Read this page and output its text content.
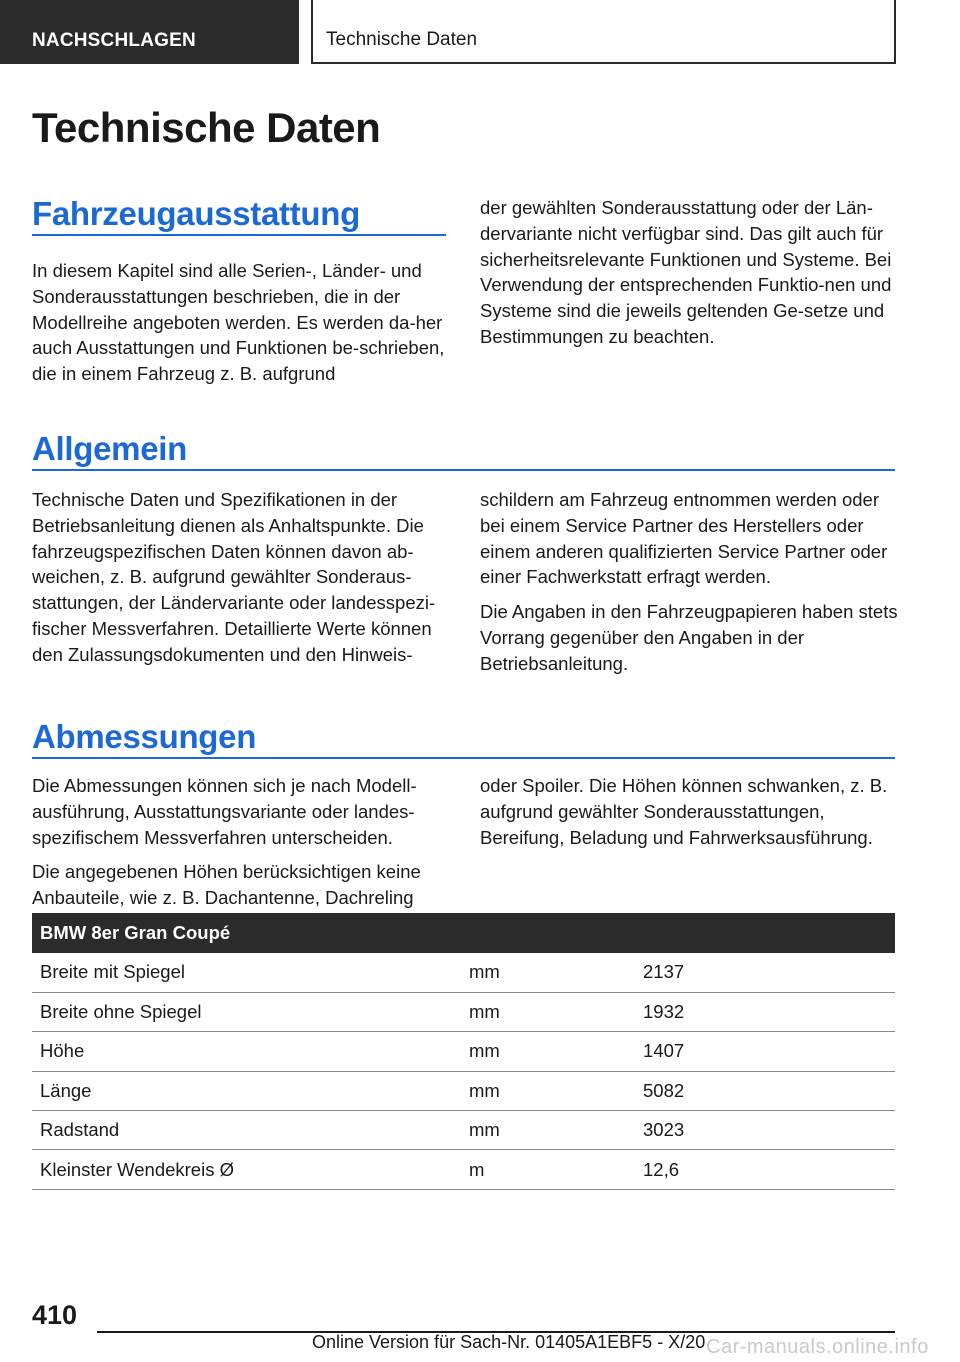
NACHSCHLAGEN	Technische Daten
Technische Daten
Fahrzeugausstattung

In diesem Kapitel sind alle Serien-, Länder- und Sonderausstattungen beschrieben, die in der Modellreihe angeboten werden. Es werden da-her auch Ausstattungen und Funktionen be-schrieben, die in einem Fahrzeug z. B. aufgrund

der gewählten Sonderausstattung oder der Län-dervariante nicht verfügbar sind. Das gilt auch für sicherheitsrelevante Funktionen und Systeme. Bei Verwendung der entsprechenden Funktio-nen und Systeme sind die jeweils geltenden Ge-setze und Bestimmungen zu beachten.

Allgemein

Technische Daten und Spezifikationen in der Betriebsanleitung dienen als Anhaltspunkte. Die fahrzeugspezifischen Daten können davon ab-weichen, z. B. aufgrund gewählter Sonderaus-stattungen, der Ländervariante oder landesspezi-fischer Messverfahren. Detaillierte Werte können den Zulassungsdokumenten und den Hinweis-

schildern am Fahrzeug entnommen werden oder bei einem Service Partner des Herstellers oder einem anderen qualifizierten Service Partner oder einer Fachwerkstatt erfragt werden.

Die Angaben in den Fahrzeugpapieren haben stets Vorrang gegenüber den Angaben in der Betriebsanleitung.

Abmessungen

Die Abmessungen können sich je nach Modell-ausführung, Ausstattungsvariante oder landes-spezifischem Messverfahren unterscheiden.

Die angegebenen Höhen berücksichtigen keine Anbauteile, wie z. B. Dachantenne, Dachreling

oder Spoiler. Die Höhen können schwanken, z. B. aufgrund gewählter Sonderausstattungen, Bereifung, Beladung und Fahrwerksausführung.

BMW 8er Gran Coupé		
Breite mit Spiegel	mm	2137
Breite ohne Spiegel	mm	1932
Höhe	mm	1407
Länge	mm	5082
Radstand	mm	3023
Kleinster Wendekreis Ø	m	12,6
410
Online Version für Sach-Nr. 01405A1EBF5 - X/20 Car-manuals.online.info
